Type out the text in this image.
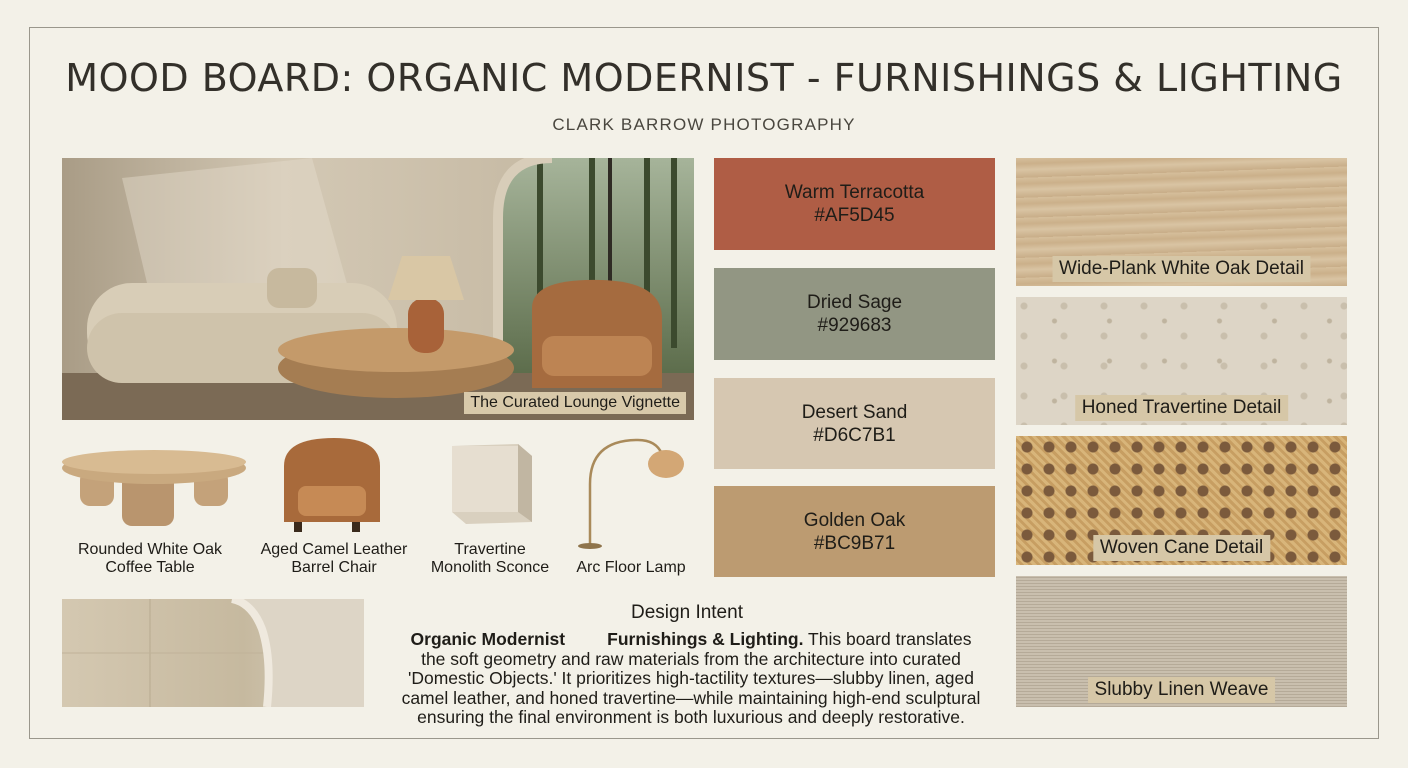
MOOD BOARD: ORGANIC MODERNIST - FURNISHINGS & LIGHTING
CLARK BARROW PHOTOGRAPHY
The Curated Lounge Vignette
Rounded White Oak
Coffee Table
Aged Camel Leather
Barrel Chair
Travertine
Monolith Sconce	Arc Floor Lamp
Warm Terracotta
#AF5D45
Dried Sage
#929683
Desert Sand
#D6C7B1
Golden Oak
#BC9B71
Wide-Plank White Oak Detail
Honed Travertine Detail
Woven Cane Detail
Slubby Linen Weave
Design Intent
Organic Modernist Furnishings & Lighting. This board translates
the soft geometry and raw materials from the architecture into curated
'Domestic Objects.' It prioritizes high-tactility textures—slubby linen, aged
camel leather, and honed travertine—while maintaining high-end sculptural
ensuring the final environment is both luxurious and deeply restorative.
